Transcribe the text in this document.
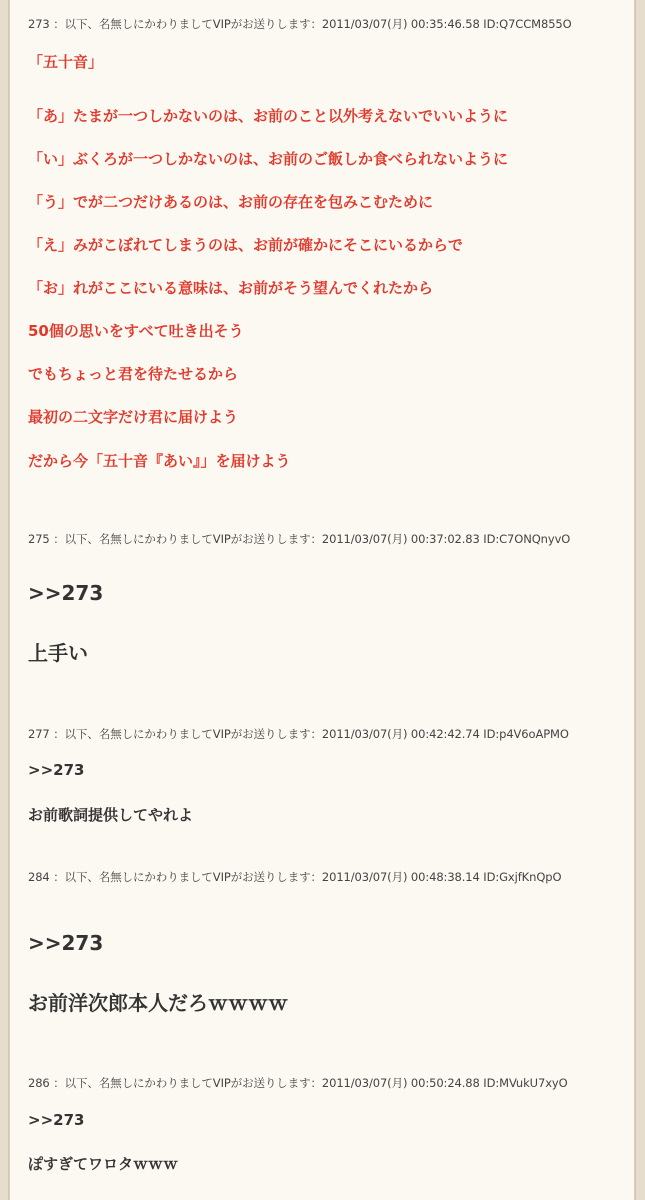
273 ：以下、名無しにかわりましてVIPがお送りします：2011/03/07(月) 00:35:46.58 ID:Q7CCM855O
「五十音」
「あ」たまが一つしかないのは、お前のこと以外考えないでいいように
「い」ぶくろが一つしかないのは、お前のご飯しか食べられないように
「う」でが二つだけあるのは、お前の存在を包みこむために
「え」みがこぼれてしまうのは、お前が確かにそこにいるからで
「お」れがここにいる意味は、お前がそう望んでくれたから
50個の思いをすべて吐き出そう
でもちょっと君を待たせるから
最初の二文字だけ君に届けよう
だから今「五十音『あい』」を届けよう
275 ：以下、名無しにかわりましてVIPがお送りします：2011/03/07(月) 00:37:02.83 ID:C7ONQnyvO
>>273
上手い
277 ：以下、名無しにかわりましてVIPがお送りします：2011/03/07(月) 00:42:42.74 ID:p4V6oAPMO
>>273
お前歌詞提供してやれよ
284 ：以下、名無しにかわりましてVIPがお送りします：2011/03/07(月) 00:48:38.14 ID:GxjfKnQpO
>>273
お前洋次郎本人だろｗｗｗｗ
286 ：以下、名無しにかわりましてVIPがお送りします：2011/03/07(月) 00:50:24.88 ID:MVukU7xyO
>>273
ぽすぎてワロタｗｗｗ
